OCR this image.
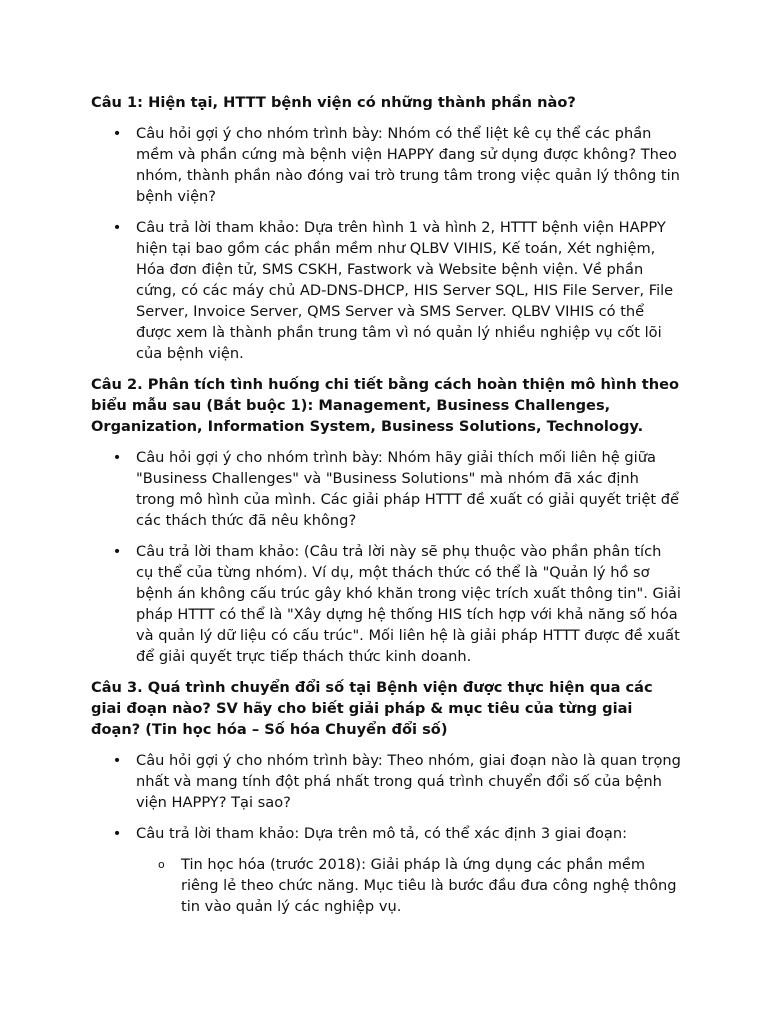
Câu 1: Hiện tại, HTTT bệnh viện có những thành phần nào?

• Câu hỏi gợi ý cho nhóm trình bày: Nhóm có thể liệt kê cụ thể các phần mềm và phần cứng mà bệnh viện HAPPY đang sử dụng được không? Theo nhóm, thành phần nào đóng vai trò trung tâm trong việc quản lý thông tin bệnh viện?
• Câu trả lời tham khảo: Dựa trên hình 1 và hình 2, HTTT bệnh viện HAPPY hiện tại bao gồm các phần mềm như QLBV VIHIS, Kế toán, Xét nghiệm, Hóa đơn điện tử, SMS CSKH, Fastwork và Website bệnh viện. Về phần cứng, có các máy chủ AD-DNS-DHCP, HIS Server SQL, HIS File Server, File Server, Invoice Server, QMS Server và SMS Server. QLBV VIHIS có thể được xem là thành phần trung tâm vì nó quản lý nhiều nghiệp vụ cốt lõi của bệnh viện.

Câu 2. Phân tích tình huống chi tiết bằng cách hoàn thiện mô hình theo biểu mẫu sau (Bắt buộc 1): Management, Business Challenges, Organization, Information System, Business Solutions, Technology.

• Câu hỏi gợi ý cho nhóm trình bày: Nhóm hãy giải thích mối liên hệ giữa "Business Challenges" và "Business Solutions" mà nhóm đã xác định trong mô hình của mình. Các giải pháp HTTT đề xuất có giải quyết triệt để các thách thức đã nêu không?
• Câu trả lời tham khảo: (Câu trả lời này sẽ phụ thuộc vào phần phân tích cụ thể của từng nhóm). Ví dụ, một thách thức có thể là "Quản lý hồ sơ bệnh án không cấu trúc gây khó khăn trong việc trích xuất thông tin". Giải pháp HTTT có thể là "Xây dựng hệ thống HIS tích hợp với khả năng số hóa và quản lý dữ liệu có cấu trúc". Mối liên hệ là giải pháp HTTT được đề xuất để giải quyết trực tiếp thách thức kinh doanh.

Câu 3. Quá trình chuyển đổi số tại Bệnh viện được thực hiện qua các giai đoạn nào? SV hãy cho biết giải pháp & mục tiêu của từng giai đoạn? (Tin học hóa – Số hóa Chuyển đổi số)

• Câu hỏi gợi ý cho nhóm trình bày: Theo nhóm, giai đoạn nào là quan trọng nhất và mang tính đột phá nhất trong quá trình chuyển đổi số của bệnh viện HAPPY? Tại sao?
• Câu trả lời tham khảo: Dựa trên mô tả, có thể xác định 3 giai đoạn:
o Tin học hóa (trước 2018): Giải pháp là ứng dụng các phần mềm riêng lẻ theo chức năng. Mục tiêu là bước đầu đưa công nghệ thông tin vào quản lý các nghiệp vụ.
